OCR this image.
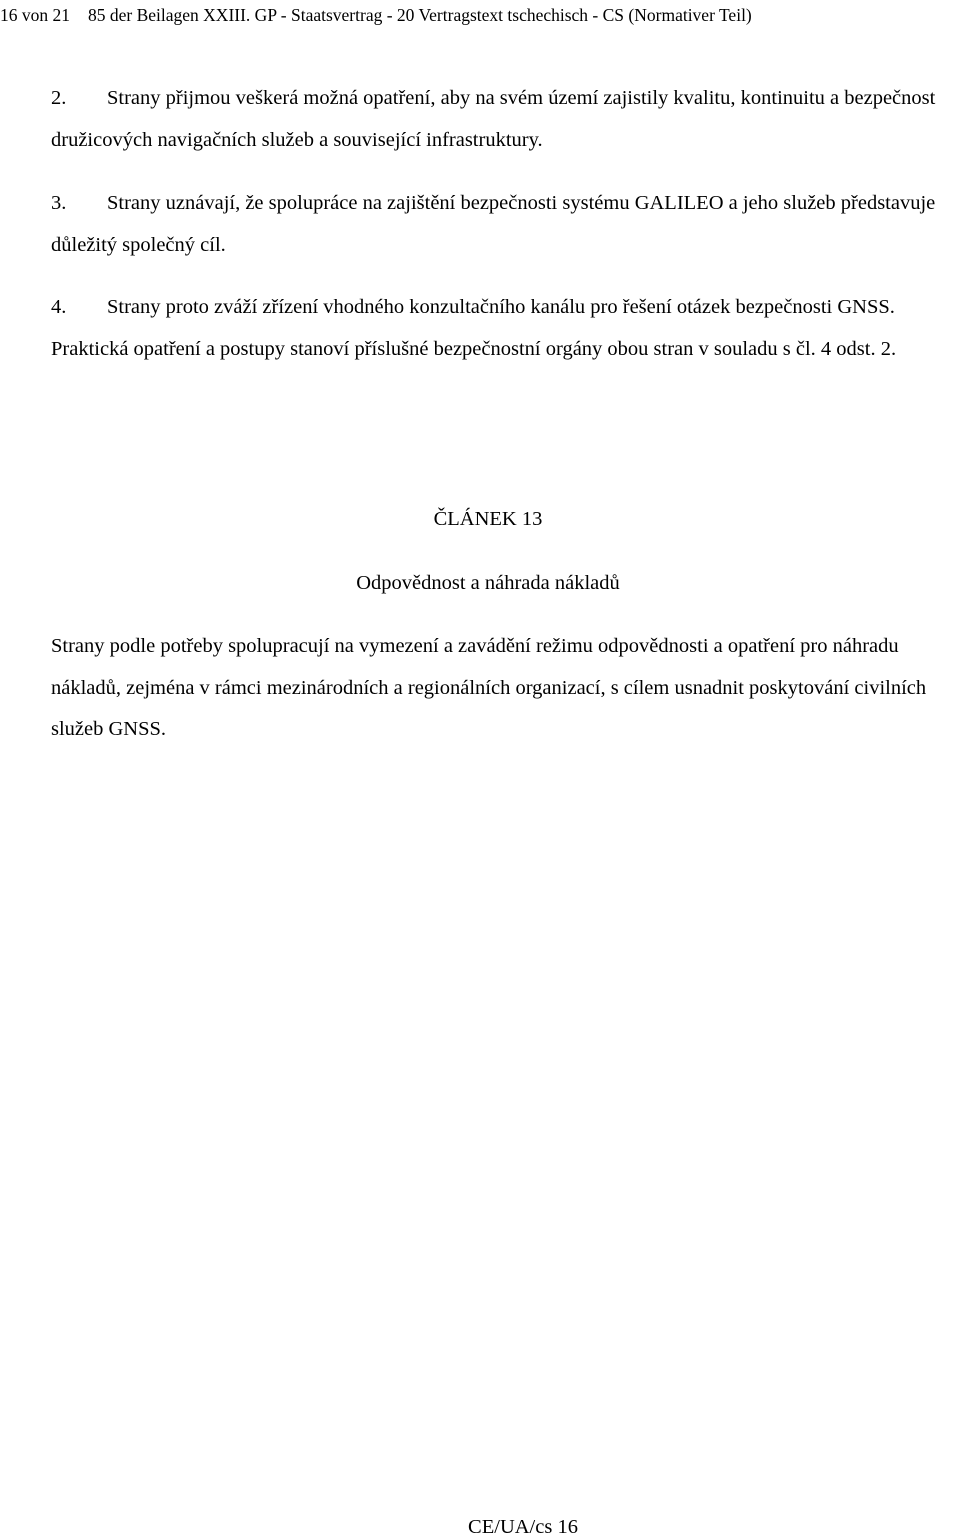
16 von 21 85 der Beilagen XXIII. GP - Staatsvertrag - 20 Vertragstext tschechisch - CS (Normativer Teil)

2. Strany přijmou veškerá možná opatření, aby na svém území zajistily kvalitu, kontinuitu a bezpečnost družicových navigačních služeb a související infrastruktury.

3. Strany uznávají, že spolupráce na zajištění bezpečnosti systému GALILEO a jeho služeb představuje důležitý společný cíl.

4. Strany proto zváží zřízení vhodného konzultačního kanálu pro řešení otázek bezpečnosti GNSS. Praktická opatření a postupy stanoví příslušné bezpečnostní orgány obou stran v souladu s čl. 4 odst. 2.

ČLÁNEK 13

Odpovědnost a náhrada nákladů

Strany podle potřeby spolupracují na vymezení a zavádění režimu odpovědnosti a opatření pro náhradu nákladů, zejména v rámci mezinárodních a regionálních organizací, s cílem usnadnit poskytování civilních služeb GNSS.

CE/UA/cs 16
